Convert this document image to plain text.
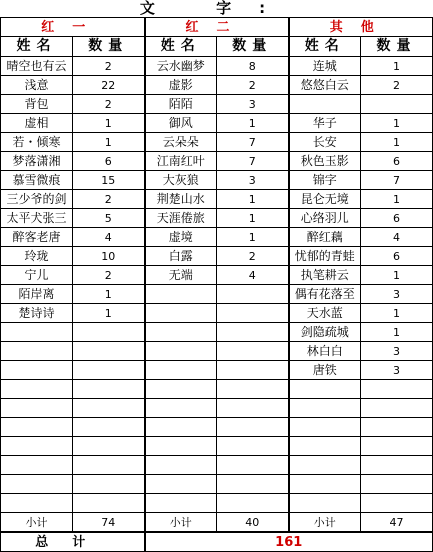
文 字:					
红一		红二		其他	
姓名	数量	姓名	数量	姓名	数量
晴空也有云	2	云水幽梦	8	连城	1
浅意	22	虚影	2	悠悠白云	2
背包	2	陌陌	3		
虚相	1	御风	1	华子	1
若・倾寒	1	云朵朵	7	长安	1
梦落潇湘	6	江南红叶	7	秋色玉影	6
慕雪微痕	15	大灰狼	3	锦字	7
三少爷的剑	2	荆楚山水	1	昆仑无境	1
太平犬张三	5	天涯倦旅	1	心络羽儿	6
醉客老唐	4	虚境	1	醉红藕	4
玲珑	10	白露	2	忧郁的青蛙	6
宁儿	2	无端	4	执笔耕云	1
陌岸离	1			偶有花落至	3
楚诗诗	1			天水蓝	1
				剑隐疏城	1
				林白白	3
				唐铁	3

小计	74	小计	40	小计	47
总计		161			
